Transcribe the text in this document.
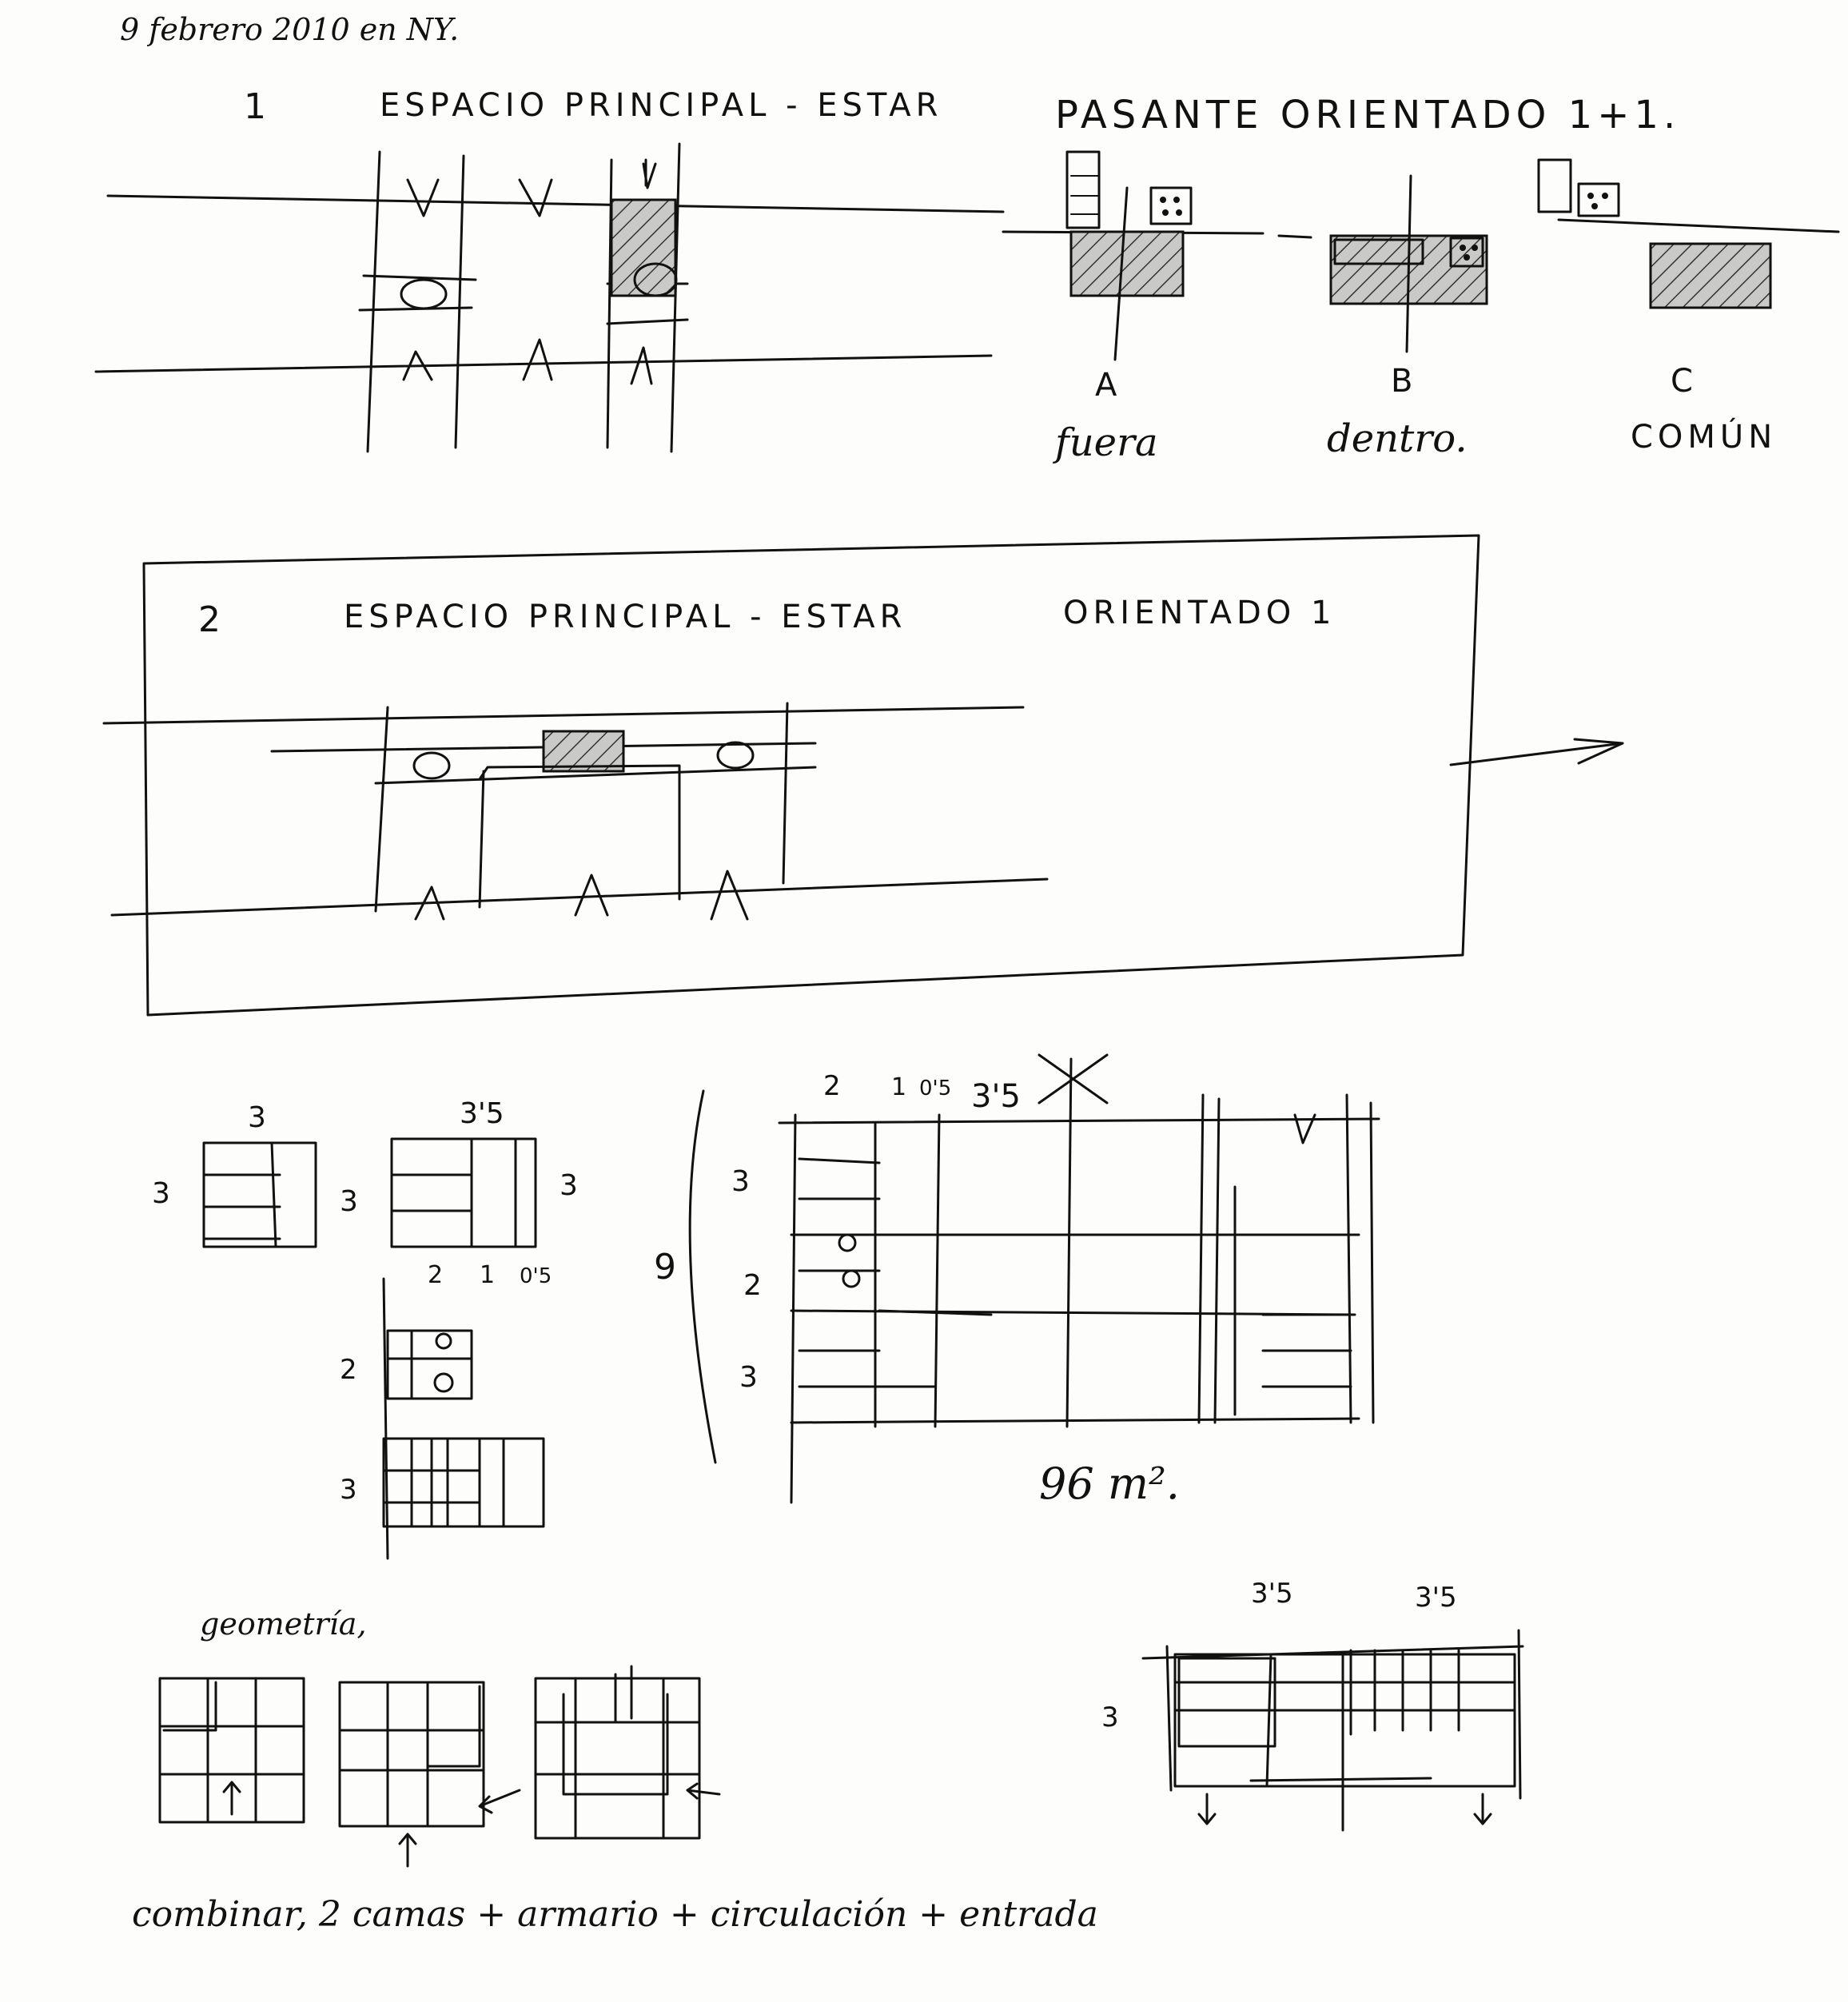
9 febrero 2010 en NY.
1	ESPACIO PRINCIPAL - ESTAR	PASANTE ORIENTADO 1+1.
A
fuera
B
dentro.
C
COMÚN
2	ESPACIO PRINCIPAL - ESTAR	ORIENTADO 1
3
3
3'5
3	3
2 1 0'5
2
3
9
3
2
3
2 1 0'5 3'5
96 m².
geometría,
3'5	3'5
3
combinar, 2 camas + armario + circulación + entrada
